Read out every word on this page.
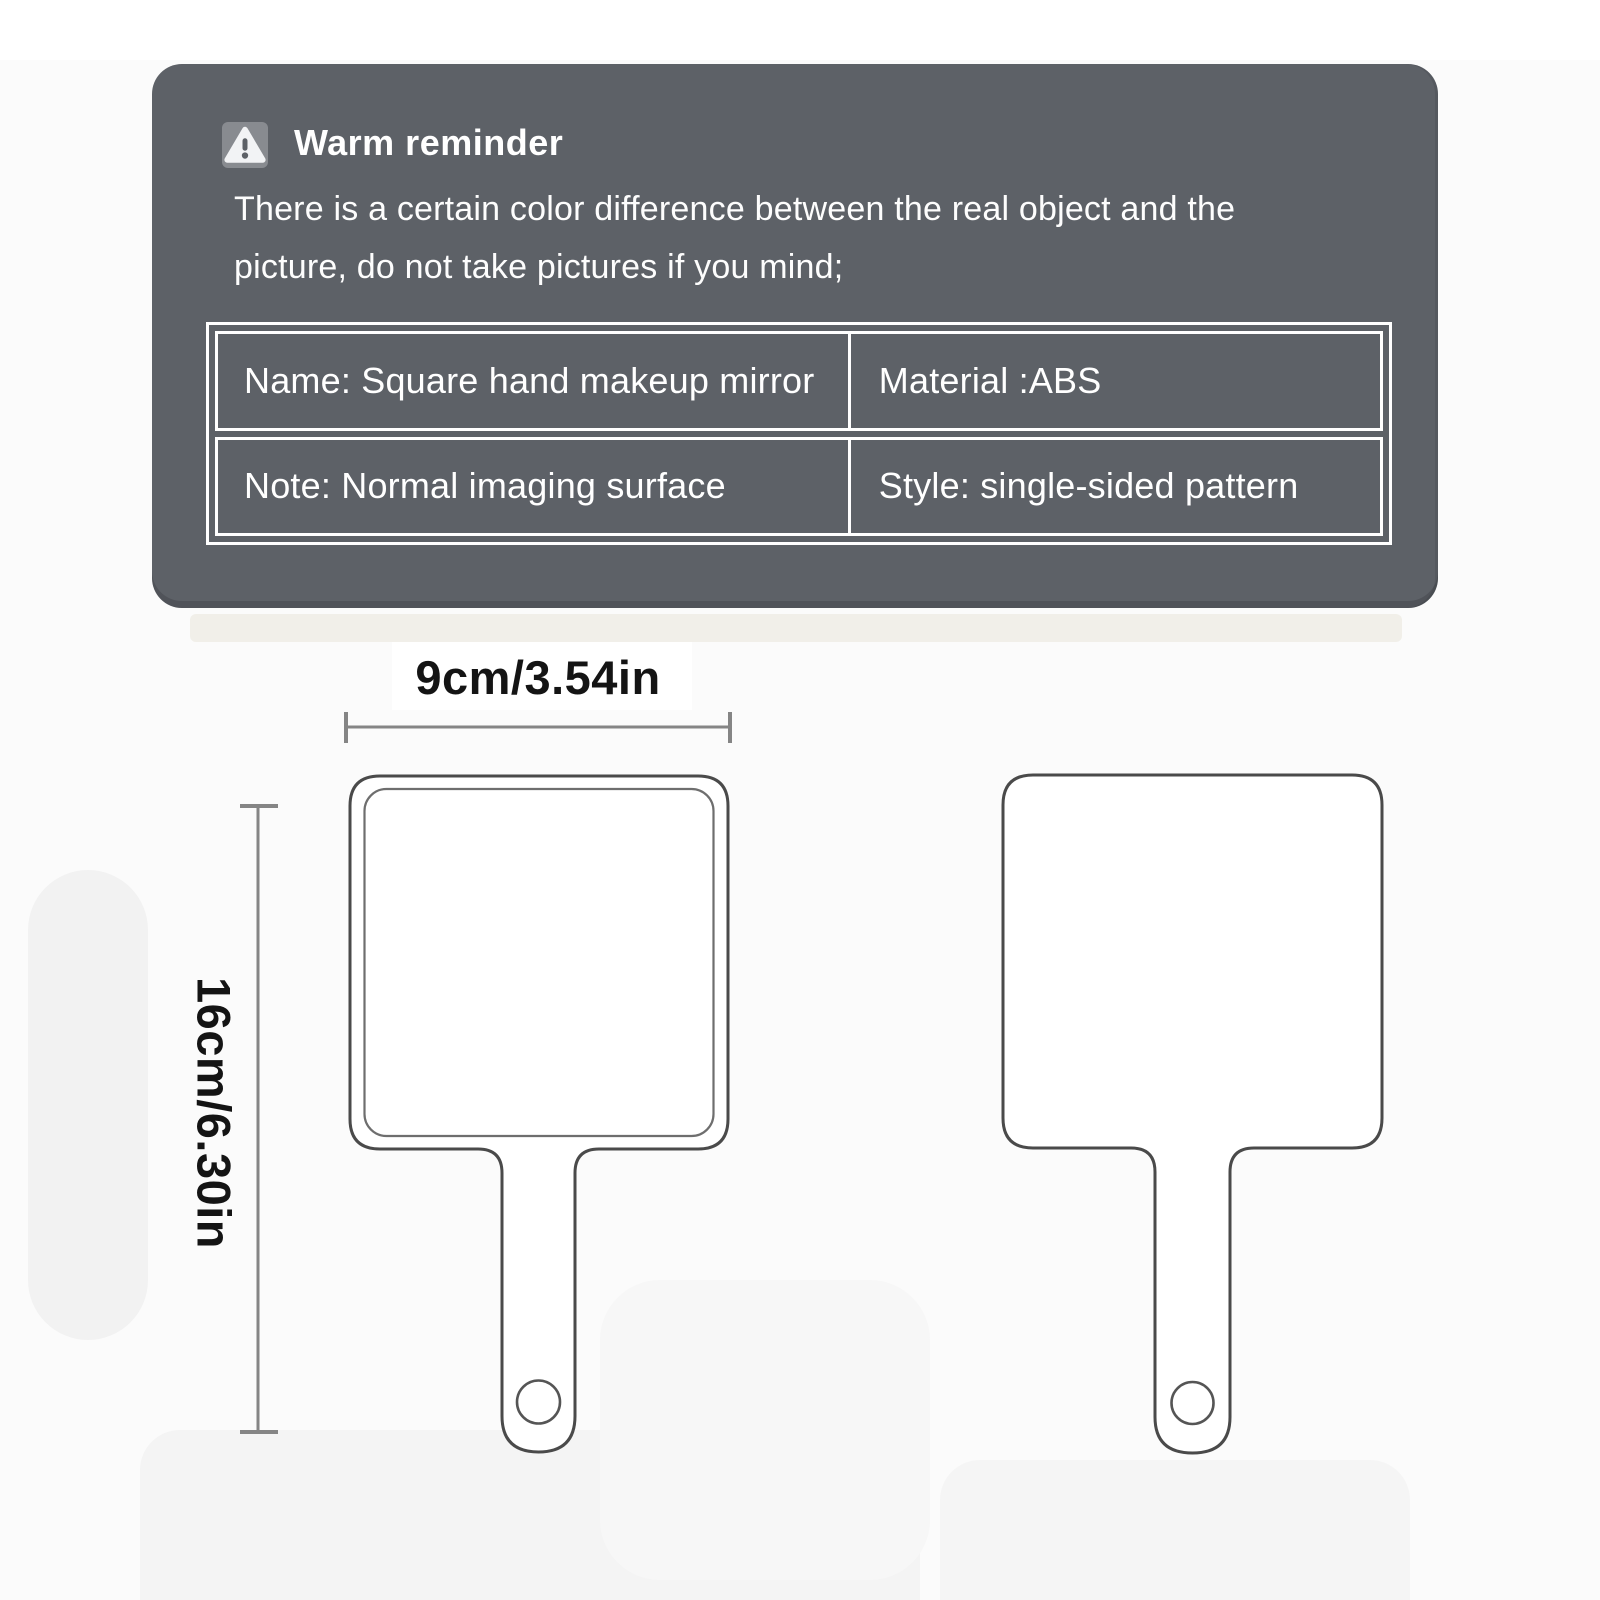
Warm reminder
There is a certain color difference between the real object and the
picture, do not take pictures if you mind;
Name: Square hand makeup mirror	Material :ABS
Note: Normal imaging surface	Style: single-sided pattern
9cm/3.54in
16cm/6.30in
